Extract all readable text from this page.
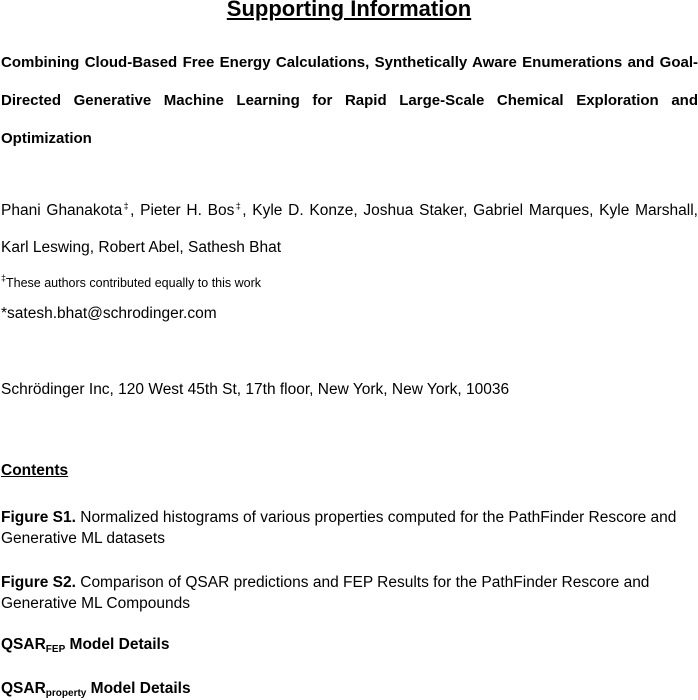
Supporting Information

Combining Cloud-Based Free Energy Calculations, Synthetically Aware Enumerations and Goal-Directed Generative Machine Learning for Rapid Large-Scale Chemical Exploration and Optimization

Phani Ghanakota‡, Pieter H. Bos‡, Kyle D. Konze, Joshua Staker, Gabriel Marques, Kyle Marshall, Karl Leswing, Robert Abel, Sathesh Bhat

‡These authors contributed equally to this work

*satesh.bhat@schrodinger.com

Schrödinger Inc, 120 West 45th St, 17th floor, New York, New York, 10036

Contents

Figure S1. Normalized histograms of various properties computed for the PathFinder Rescore and Generative ML datasets

Figure S2. Comparison of QSAR predictions and FEP Results for the PathFinder Rescore and Generative ML Compounds

$QSAR_{FEP}$ Model Details

$QSAR_{property}$ Model Details
